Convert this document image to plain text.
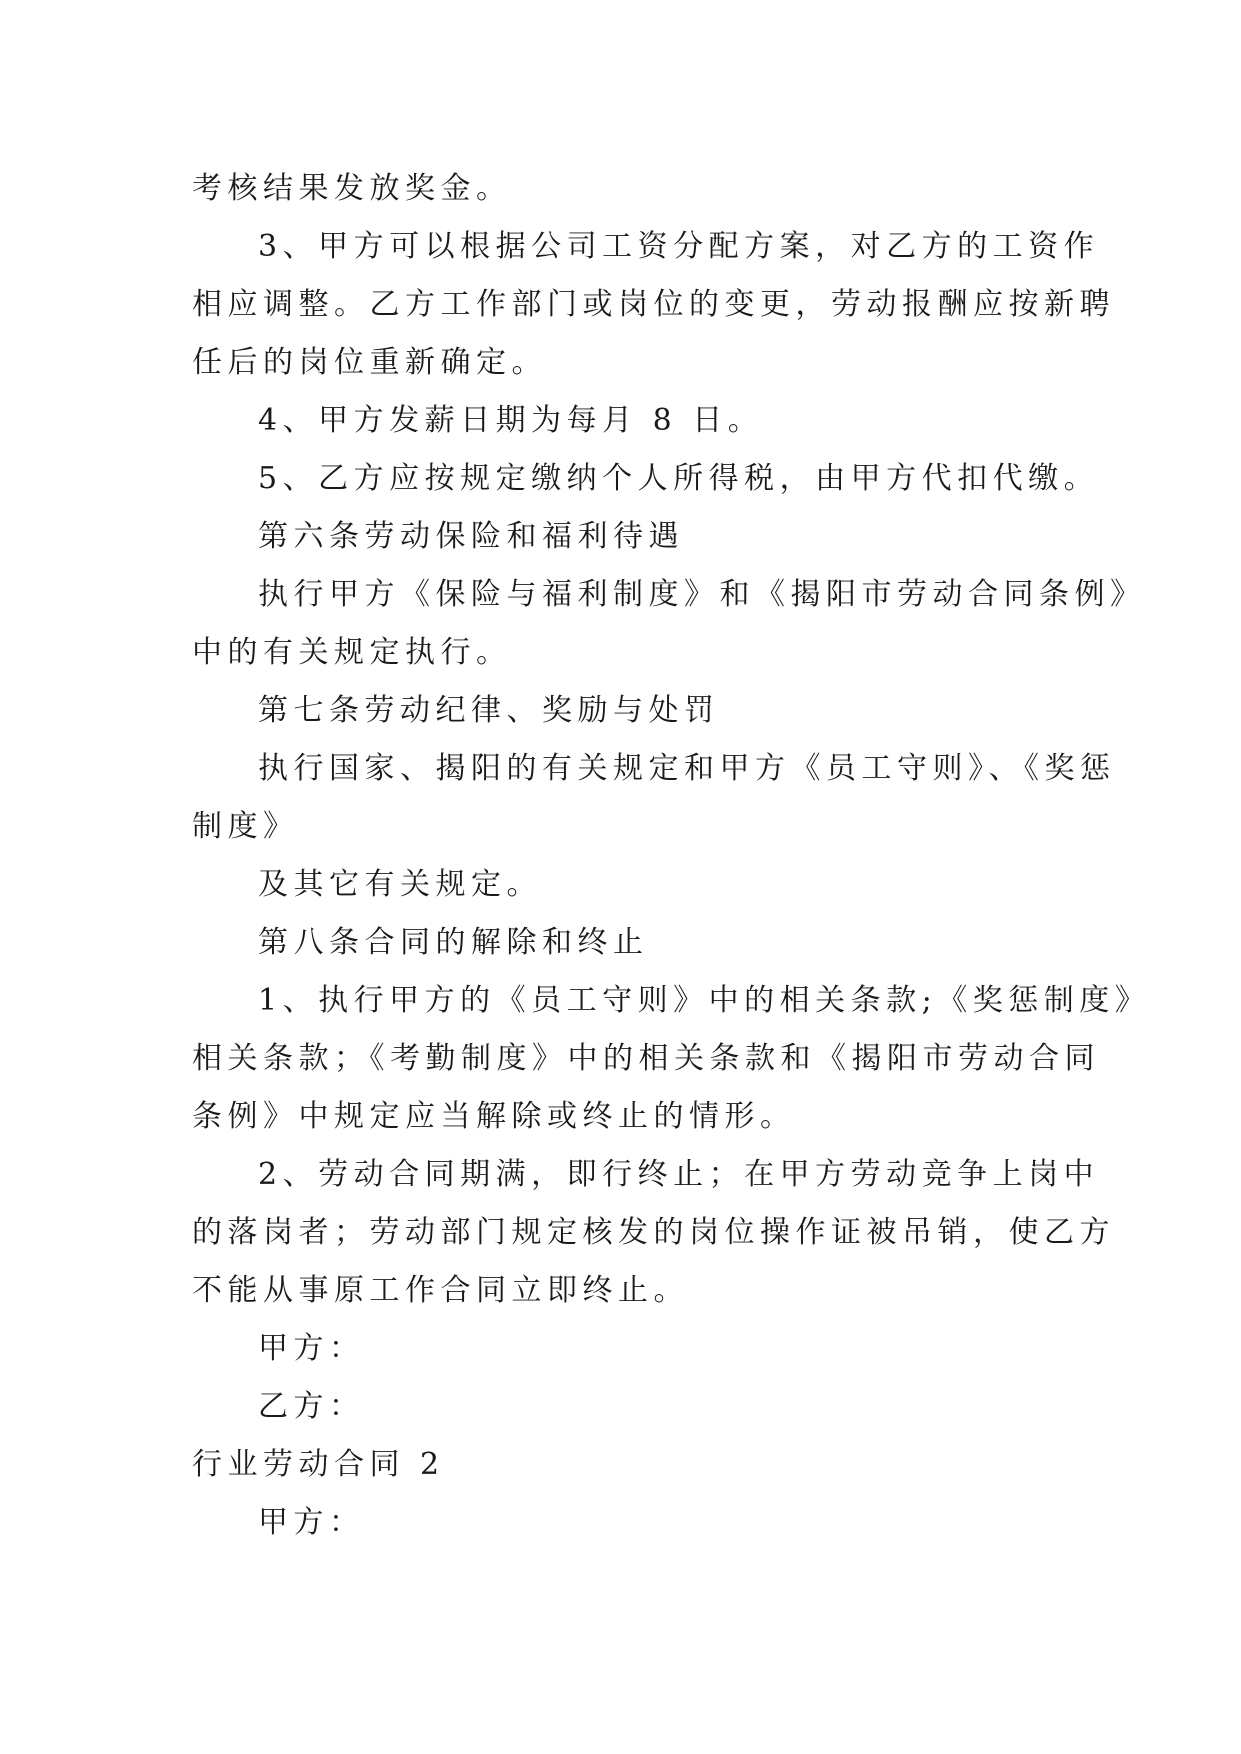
考核结果发放奖金。

3、甲方可以根据公司工资分配方案，对乙方的工资作

相应调整。乙方工作部门或岗位的变更，劳动报酬应按新聘

任后的岗位重新确定。

4、甲方发薪日期为每月 8 日。

5、乙方应按规定缴纳个人所得税，由甲方代扣代缴。

第六条劳动保险和福利待遇

执行甲方《保险与福利制度》和《揭阳市劳动合同条例》

中的有关规定执行。

第七条劳动纪律、奖励与处罚

执行国家、揭阳的有关规定和甲方《员工守则》、《奖惩

制度》

及其它有关规定。

第八条合同的解除和终止

1、执行甲方的《员工守则》中的相关条款;《奖惩制度》

相关条款；《考勤制度》中的相关条款和《揭阳市劳动合同

条例》中规定应当解除或终止的情形。

2、劳动合同期满，即行终止；在甲方劳动竞争上岗中

的落岗者；劳动部门规定核发的岗位操作证被吊销，使乙方

不能从事原工作合同立即终止。

甲方：

乙方：

行业劳动合同 2

甲方：
